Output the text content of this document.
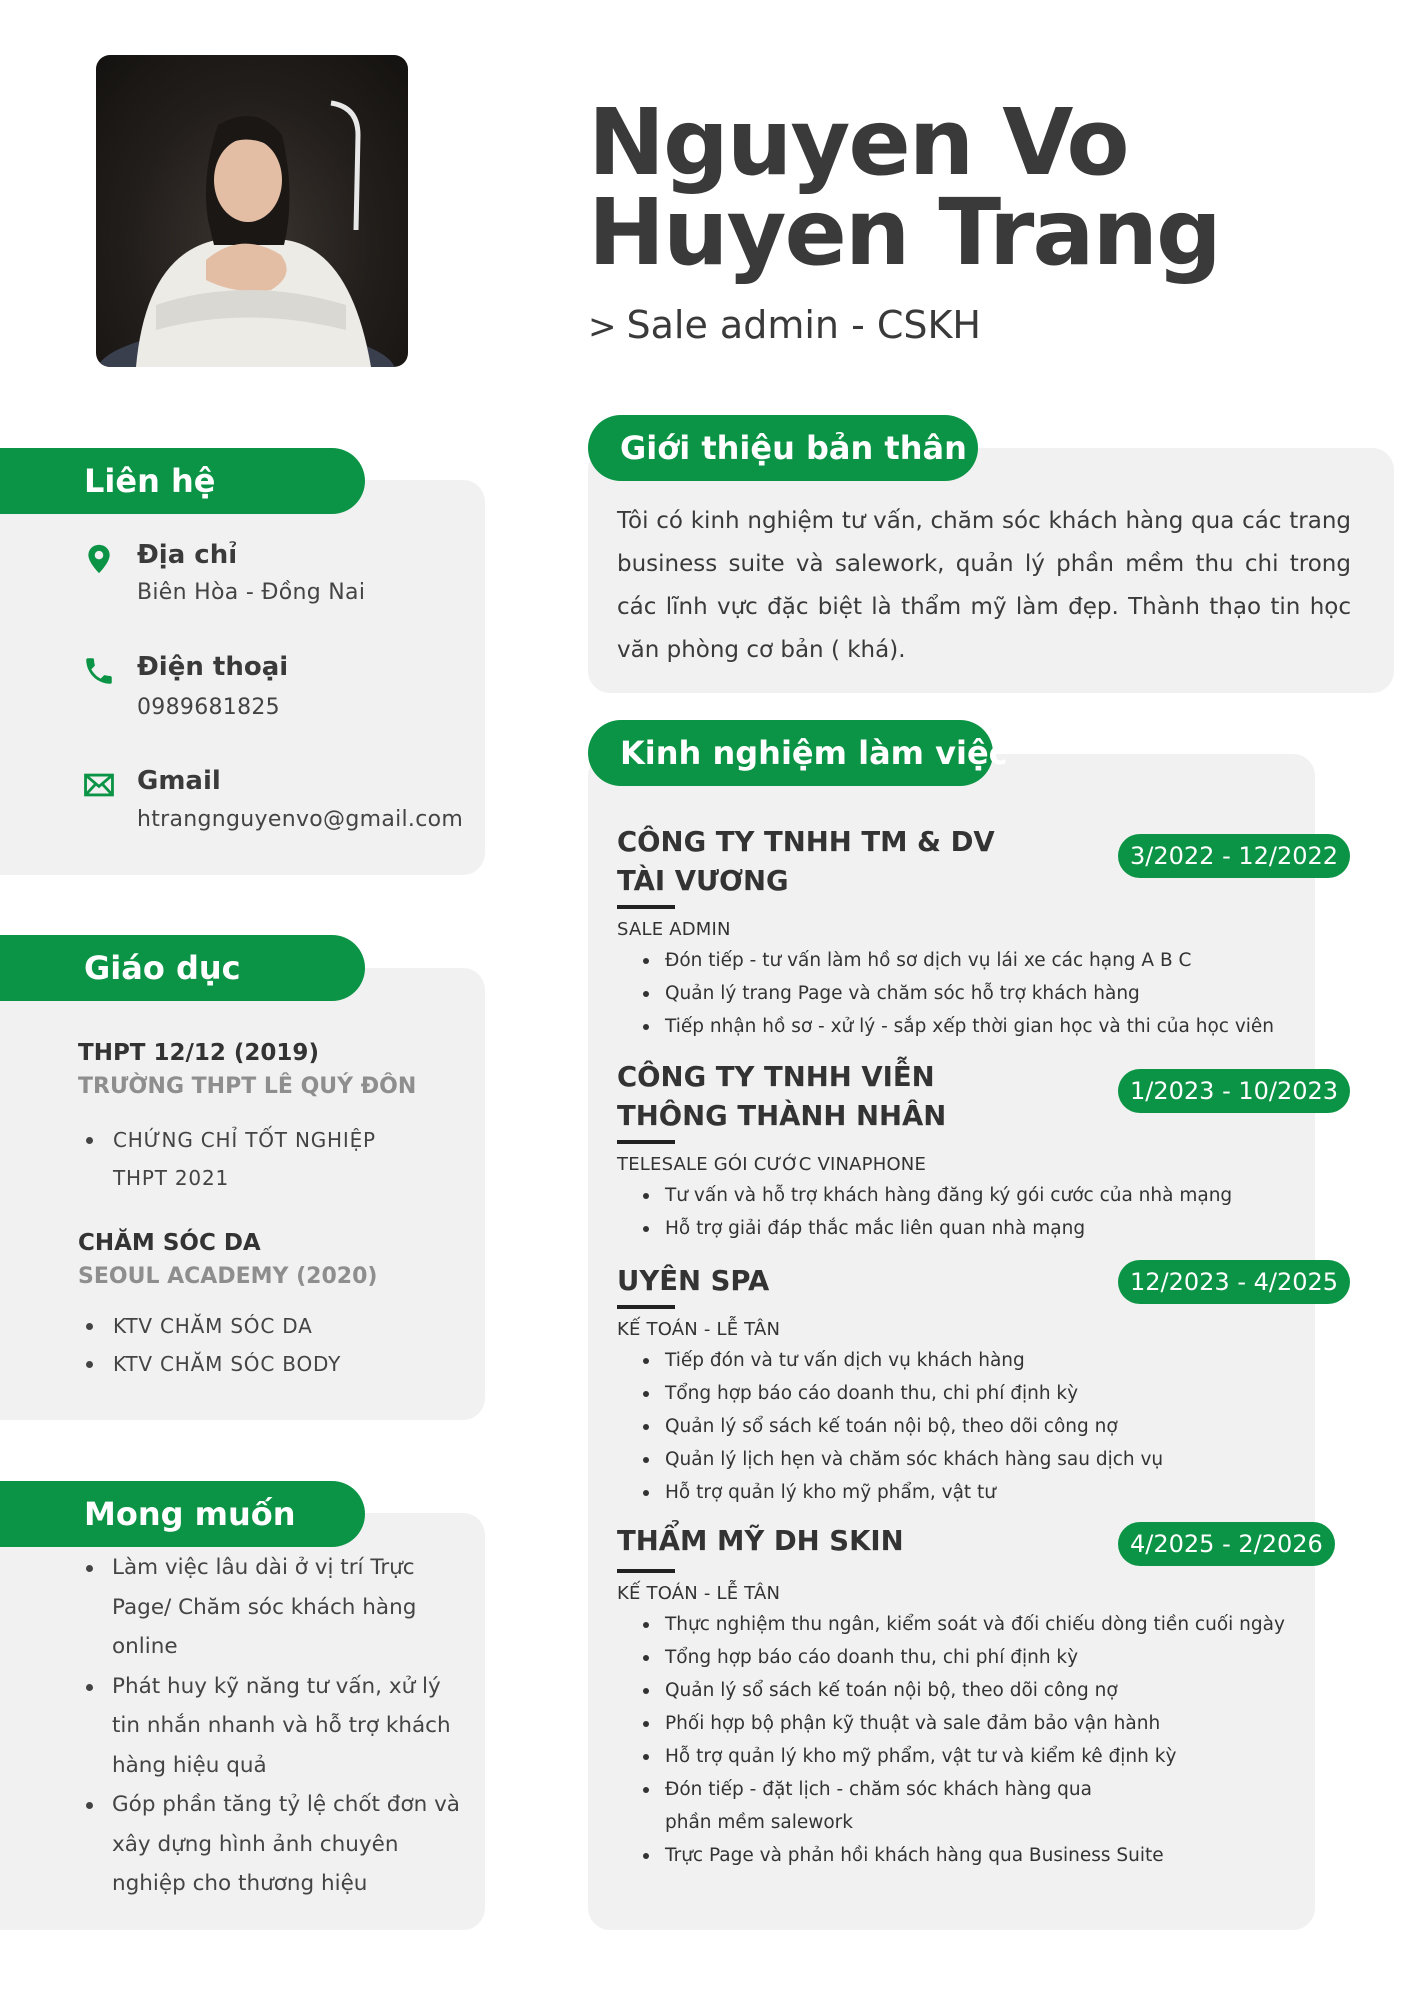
Nguyen Vo
Huyen Trang
> Sale admin - CSKH
Liên hệ
Địa chỉ
Biên Hòa - Đồng Nai
Điện thoại
0989681825
Gmail
htrangnguyenvo@gmail.com
Giáo dục
THPT 12/12 (2019)
TRƯỜNG THPT LÊ QUÝ ĐÔN
CHỨNG CHỈ TỐT NGHIỆP THPT 2021
CHĂM SÓC DA
SEOUL ACADEMY (2020)
KTV CHĂM SÓC DA
KTV CHĂM SÓC BODY
Mong muốn
Làm việc lâu dài ở vị trí Trực Page/ Chăm sóc khách hàng online
Phát huy kỹ năng tư vấn, xử lý tin nhắn nhanh và hỗ trợ khách hàng hiệu quả
Góp phần tăng tỷ lệ chốt đơn và xây dựng hình ảnh chuyên nghiệp cho thương hiệu
Giới thiệu bản thân
Tôi có kinh nghiệm tư vấn, chăm sóc khách hàng qua các trang business suite và salework, quản lý phần mềm thu chi trong các lĩnh vực đặc biệt là thẩm mỹ làm đẹp. Thành thạo tin học văn phòng cơ bản ( khá).
Kinh nghiệm làm việc
CÔNG TY TNHH TM & DV TÀI VƯƠNG
SALE ADMIN
Đón tiếp - tư vấn làm hồ sơ dịch vụ lái xe các hạng A B C
Quản lý trang Page và chăm sóc hỗ trợ khách hàng
Tiếp nhận hồ sơ - xử lý - sắp xếp thời gian học và thi của học viên
3/2022 - 12/2022
CÔNG TY TNHH VIỄN THÔNG THÀNH NHÂN
TELESALE GÓI CƯỚC VINAPHONE
Tư vấn và hỗ trợ khách hàng đăng ký gói cước của nhà mạng
Hỗ trợ giải đáp thắc mắc liên quan nhà mạng
1/2023 - 10/2023
UYÊN SPA
KẾ TOÁN - LỄ TÂN
Tiếp đón và tư vấn dịch vụ khách hàng
Tổng hợp báo cáo doanh thu, chi phí định kỳ
Quản lý sổ sách kế toán nội bộ, theo dõi công nợ
Quản lý lịch hẹn và chăm sóc khách hàng sau dịch vụ
Hỗ trợ quản lý kho mỹ phẩm, vật tư
12/2023 - 4/2025
THẨM MỸ DH SKIN
KẾ TOÁN - LỄ TÂN
Thực nghiệm thu ngân, kiểm soát và đối chiếu dòng tiền cuối ngày
Tổng hợp báo cáo doanh thu, chi phí định kỳ
Quản lý sổ sách kế toán nội bộ, theo dõi công nợ
Phối hợp bộ phận kỹ thuật và sale đảm bảo vận hành
Hỗ trợ quản lý kho mỹ phẩm, vật tư và kiểm kê định kỳ
Đón tiếp - đặt lịch - chăm sóc khách hàng qua phần mềm salework
Trực Page và phản hồi khách hàng qua Business Suite
4/2025 - 2/2026
